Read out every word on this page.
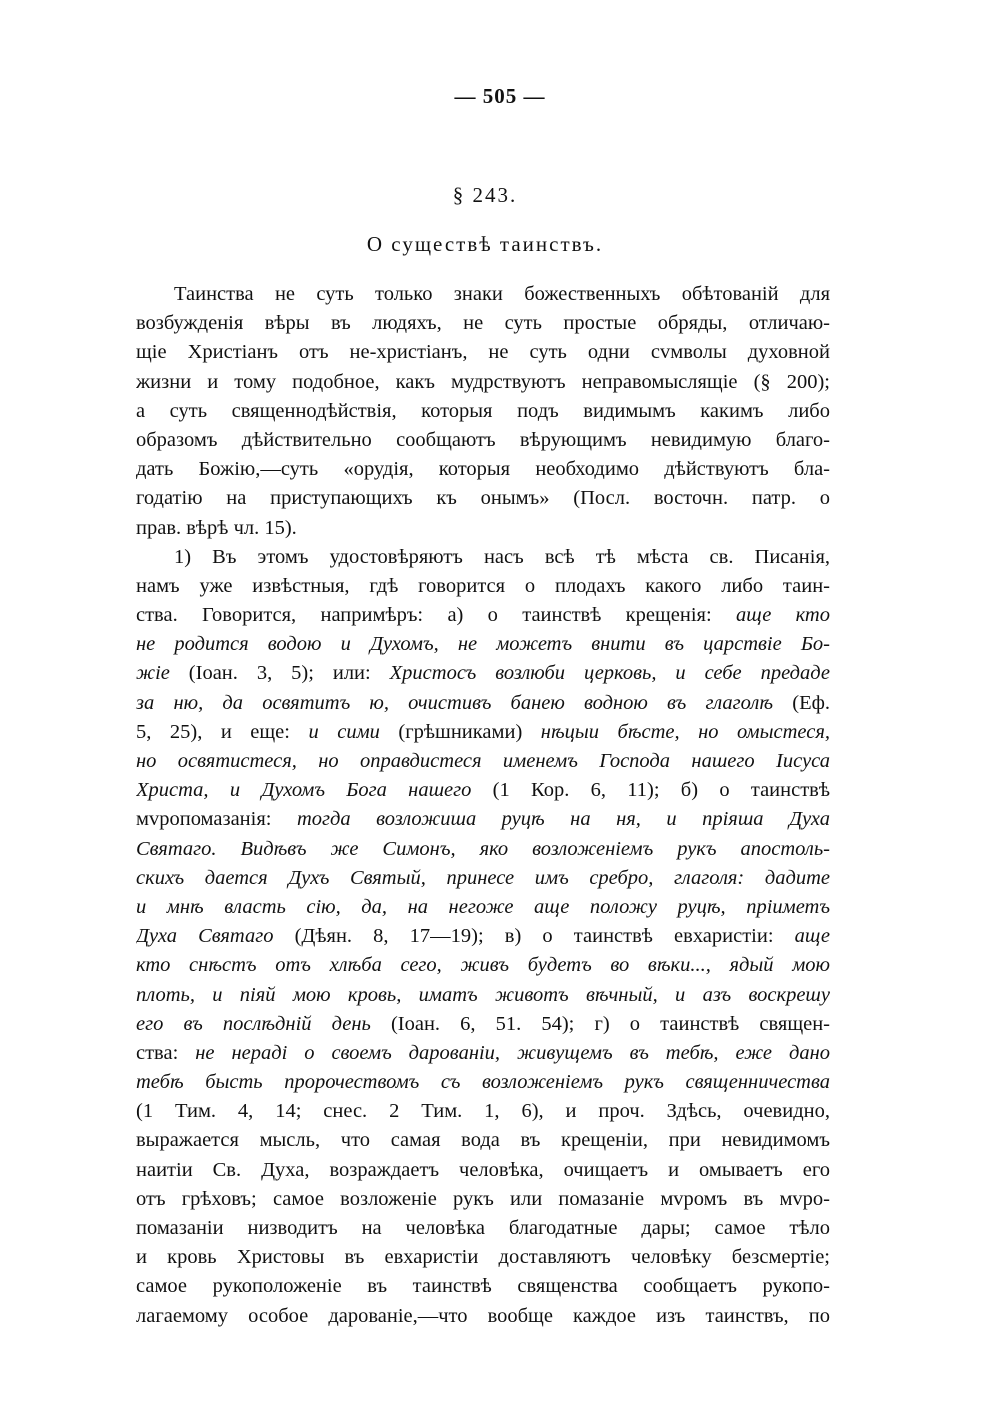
— 505 —
§ 243.
О существѣ таинствъ.
Таинства не суть только знаки божественныхъ обѣтованій для
возбужденія вѣры въ людяхъ, не суть простые обряды, отличаю-
щіе Христіанъ отъ не-христіанъ, не суть одни сvмволы духовной
жизни и тому подобное, какъ мудрствуютъ неправомыслящіе (§ 200);
а суть священнодѣйствія, которыя подъ видимымъ какимъ либо
образомъ дѣйствительно сообщаютъ вѣрующимъ невидимую благо-
дать Божію,—суть «орудія, которыя необходимо дѣйствуютъ бла-
годатію на приступающихъ къ онымъ» (Посл. восточн. патр. о
прав. вѣрѣ чл. 15).
1) Въ этомъ удостовѣряютъ насъ всѣ тѣ мѣста св. Писанія,
намъ уже извѣстныя, гдѣ говорится о плодахъ какого либо таин-
ства. Говорится, напримѣръ: а) о таинствѣ крещенія: аще кто
не родится водою и Духомъ, не можетъ внити въ царствіе Бо-
жіе (Іоан. 3, 5); или: Христосъ возлюби церковь, и себе предаде
за ню, да освятитъ ю, очистивъ банею водною въ глаголѣ (Еф.
5, 25), и еще: и сими (грѣшниками) нѣцыи бѣсте, но омыстеся,
но освятистеся, но оправдистеся именемъ Господа нашего Іисуса
Христа, и Духомъ Бога нашего (1 Кор. 6, 11); б) о таинствѣ
мvропомазанія: тогда возложиша руцѣ на ня, и пріяша Духа
Святаго. Видѣвъ же Симонъ, яко возложеніемъ рукъ апостоль-
скихъ дается Духъ Святый, принесе имъ сребро, глаголя: дадите
и мнѣ власть сію, да, на негоже аще положу руцѣ, пріиметъ
Духа Святаго (Дѣян. 8, 17—19); в) о таинствѣ евхаристіи: аще
кто снѣстъ отъ хлѣба сего, живъ будетъ во вѣки..., ядый мою
плоть, и піяй мою кровь, иматъ животъ вѣчный, и азъ воскрешу
его въ послѣдній день (Іоан. 6, 51. 54); г) о таинствѣ священ-
ства: не нерадi о своемъ дарованіи, живущемъ въ тебѣ, еже дано
тебѣ бысть пророчествомъ съ возложеніемъ рукъ священничества
(1 Тим. 4, 14; снес. 2 Тим. 1, 6), и проч. Здѣсь, очевидно,
выражается мысль, что самая вода въ крещеніи, при невидимомъ
наитіи Св. Духа, возраждаетъ человѣка, очищаетъ и омываетъ его
отъ грѣховъ; самое возложеніе рукъ или помазаніе мvромъ въ мvро-
помазаніи низводитъ на человѣка благодатные дары; самое тѣло
и кровь Христовы въ евхаристіи доставляютъ человѣку безсмертіе;
самое рукоположеніе въ таинствѣ священства сообщаетъ рукопо-
лагаемому особое дарованіе,—что вообще каждое изъ таинствъ, по
